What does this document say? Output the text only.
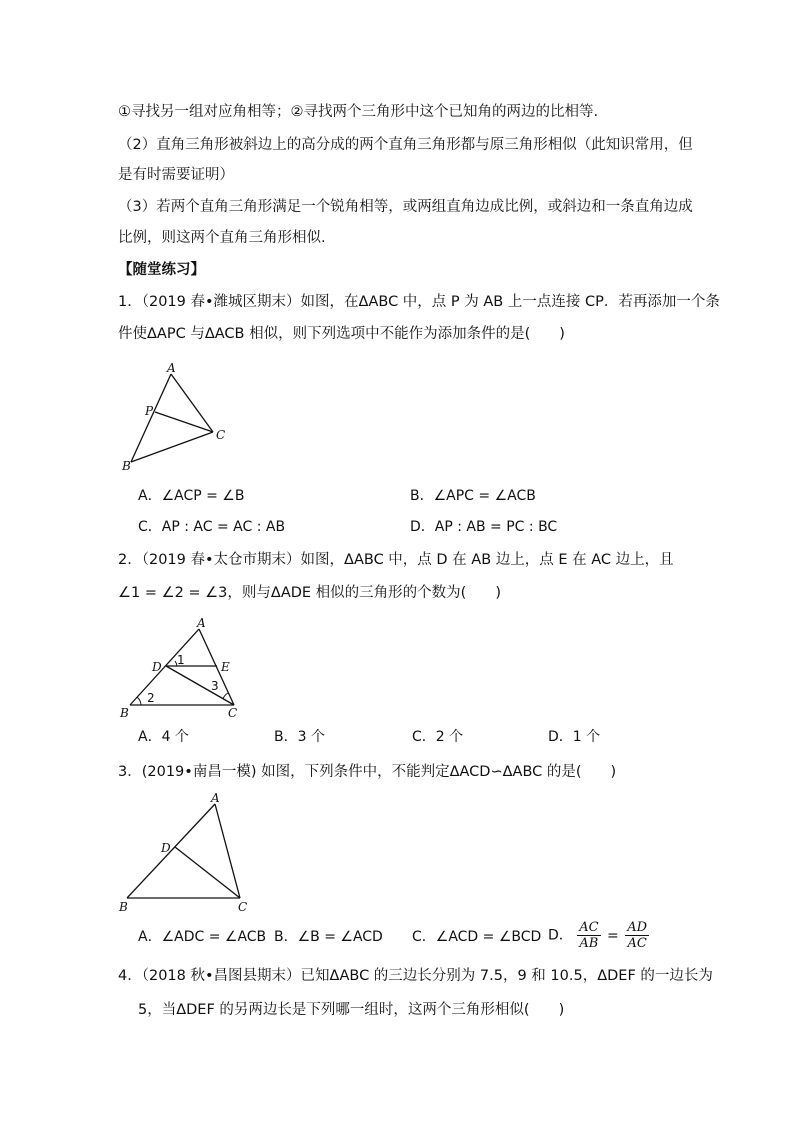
①寻找另一组对应角相等；②寻找两个三角形中这个已知角的两边的比相等.
（2）直角三角形被斜边上的高分成的两个直角三角形都与原三角形相似（此知识常用，但
是有时需要证明）
（3）若两个直角三角形满足一个锐角相等，或两组直角边成比例，或斜边和一条直角边成
比例，则这两个直角三角形相似.
【随堂练习】
1．（2019 春•潍城区期末）如图，在ΔABC 中，点 P 为 AB 上一点连接 CP．若再添加一个条
件使ΔAPC 与ΔACB 相似，则下列选项中不能作为添加条件的是(　　)
A
P
C
B
A．∠ACP = ∠B	B．∠APC = ∠ACB
C．AP : AC = AC : AB	D．AP : AB = PC : BC
2．（2019 春•太仓市期末）如图，ΔABC 中，点 D 在 AB 边上，点 E 在 AC 边上，且
∠1 = ∠2 = ∠3，则与ΔADE 相似的三角形的个数为(　　)
A
D	E
B	C
1
2
3
A．4 个	B．3 个	C．2 个	D．1 个
3．(2019•南昌一模) 如图，下列条件中，不能判定ΔACD∽ΔABC 的是(　　)
A
D
B	C
A．∠ADC = ∠ACB B．∠B = ∠ACD C．∠ACD = ∠BCD D． $\frac{AC}{AB} = \frac{AD}{AC}$
4．（2018 秋•昌图县期末）已知ΔABC 的三边长分别为 7.5，9 和 10.5，ΔDEF 的一边长为
5，当ΔDEF 的另两边长是下列哪一组时，这两个三角形相似(　　)
